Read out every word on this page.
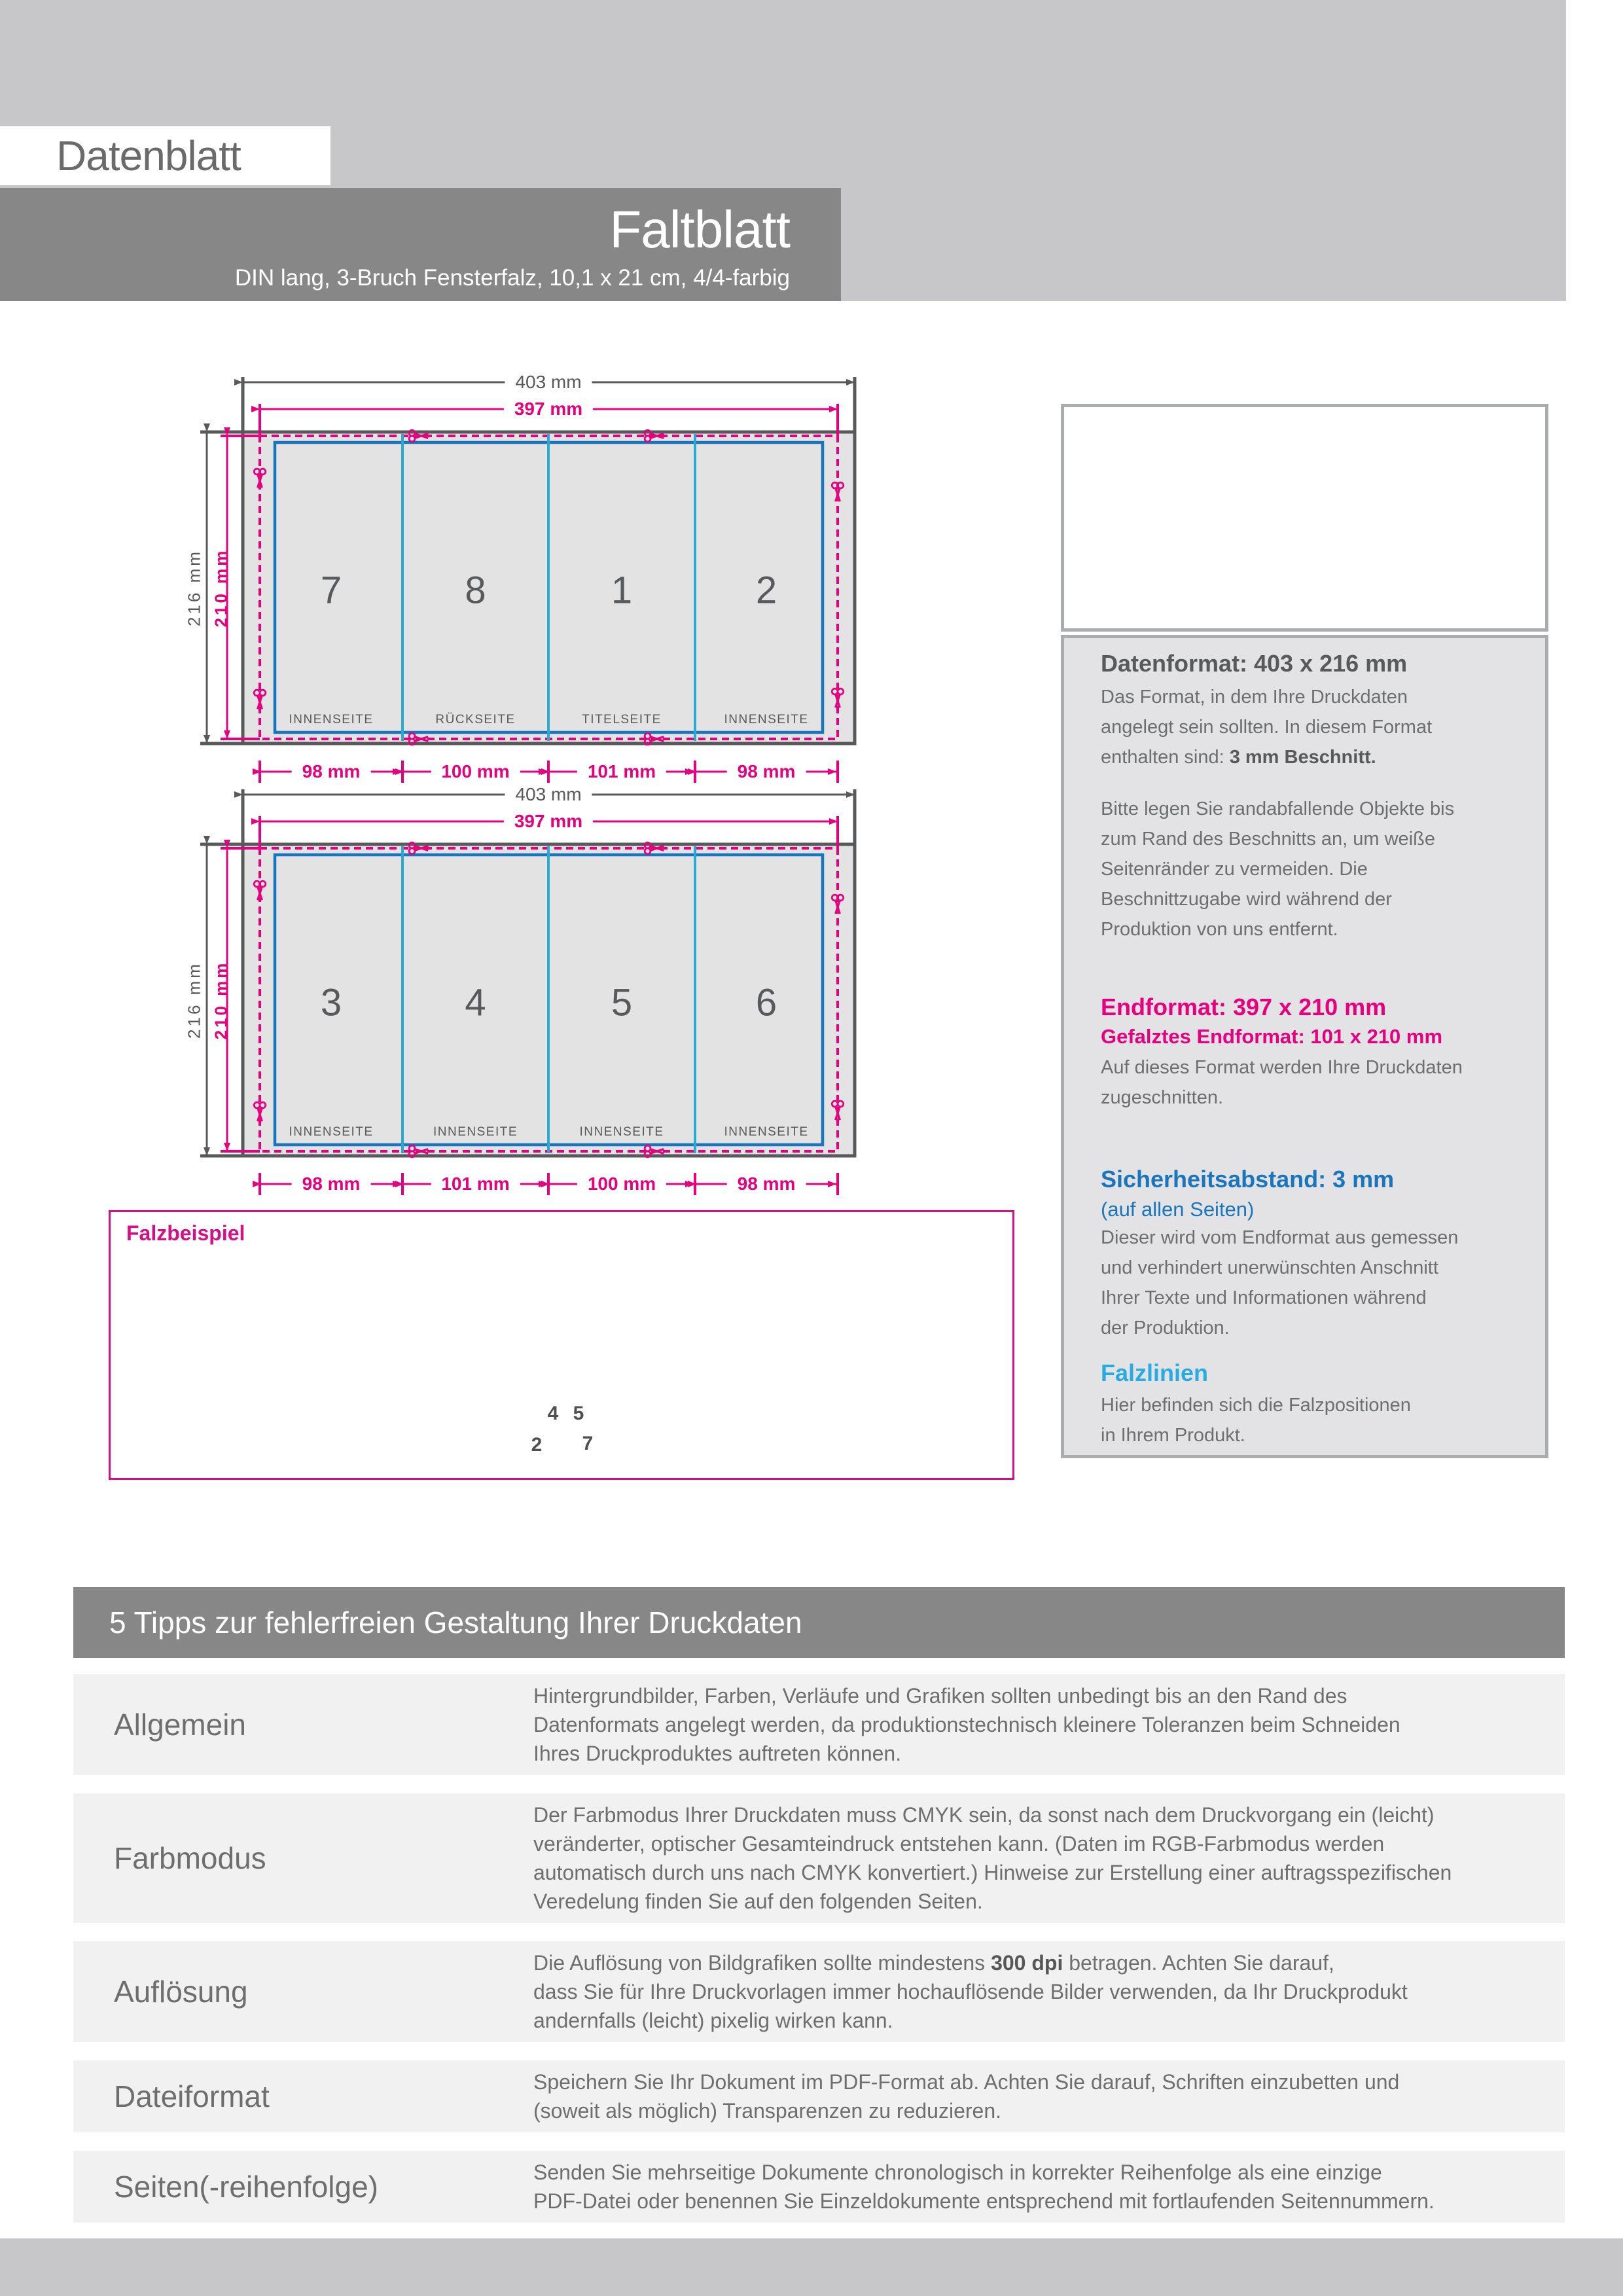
Datenblatt
Faltblatt
DIN lang, 3-Bruch Fensterfalz, 10,1 x 21 cm, 4/4-farbig
403 mm
397 mm
216 mm 210 mm 7
INNENSEITE
98 mm
8
RÜCKSEITE
100 mm
1
TITELSEITE
101 mm
2
INNENSEITE
98 mm
403 mm
397 mm
216 mm 210 mm 3
INNENSEITE
98 mm
4
INNENSEITE
101 mm
5
INNENSEITE
100 mm
6
INNENSEITE
98 mm
Falzbeispiel
4 5
2 7
Datenformat: 403 x 216 mm
Das Format, in dem Ihre Druckdaten
angelegt sein sollten. In diesem Format
enthalten sind: 3 mm Beschnitt.
Bitte legen Sie randabfallende Objekte bis
zum Rand des Beschnitts an, um weiße
Seitenränder zu vermeiden. Die
Beschnittzugabe wird während der
Produktion von uns entfernt.
Endformat: 397 x 210 mm
Gefalztes Endformat: 101 x 210 mm
Auf dieses Format werden Ihre Druckdaten
zugeschnitten.
Sicherheitsabstand: 3 mm
(auf allen Seiten)
Dieser wird vom Endformat aus gemessen
und verhindert unerwünschten Anschnitt
Ihrer Texte und Informationen während
der Produktion.
Falzlinien
Hier befinden sich die Falzpositionen
in Ihrem Produkt.
5 Tipps zur fehlerfreien Gestaltung Ihrer Druckdaten
Allgemein
Hintergrundbilder, Farben, Verläufe und Grafiken sollten unbedingt bis an den Rand des
Datenformats angelegt werden, da produktionstechnisch kleinere Toleranzen beim Schneiden
Ihres Druckproduktes auftreten können.
Farbmodus
Der Farbmodus Ihrer Druckdaten muss CMYK sein, da sonst nach dem Druckvorgang ein (leicht)
veränderter, optischer Gesamteindruck entstehen kann. (Daten im RGB-Farbmodus werden
automatisch durch uns nach CMYK konvertiert.) Hinweise zur Erstellung einer auftragsspezifischen
Veredelung finden Sie auf den folgenden Seiten.
Auflösung
Die Auflösung von Bildgrafiken sollte mindestens 300 dpi betragen. Achten Sie darauf,
dass Sie für Ihre Druckvorlagen immer hochauflösende Bilder verwenden, da Ihr Druckprodukt
andernfalls (leicht) pixelig wirken kann.
Dateiformat	Speichern Sie Ihr Dokument im PDF-Format ab. Achten Sie darauf, Schriften einzubetten und
(soweit als möglich) Transparenzen zu reduzieren.
Seiten(-reihenfolge)	Senden Sie mehrseitige Dokumente chronologisch in korrekter Reihenfolge als eine einzige
PDF-Datei oder benennen Sie Einzeldokumente entsprechend mit fortlaufenden Seitennummern.
